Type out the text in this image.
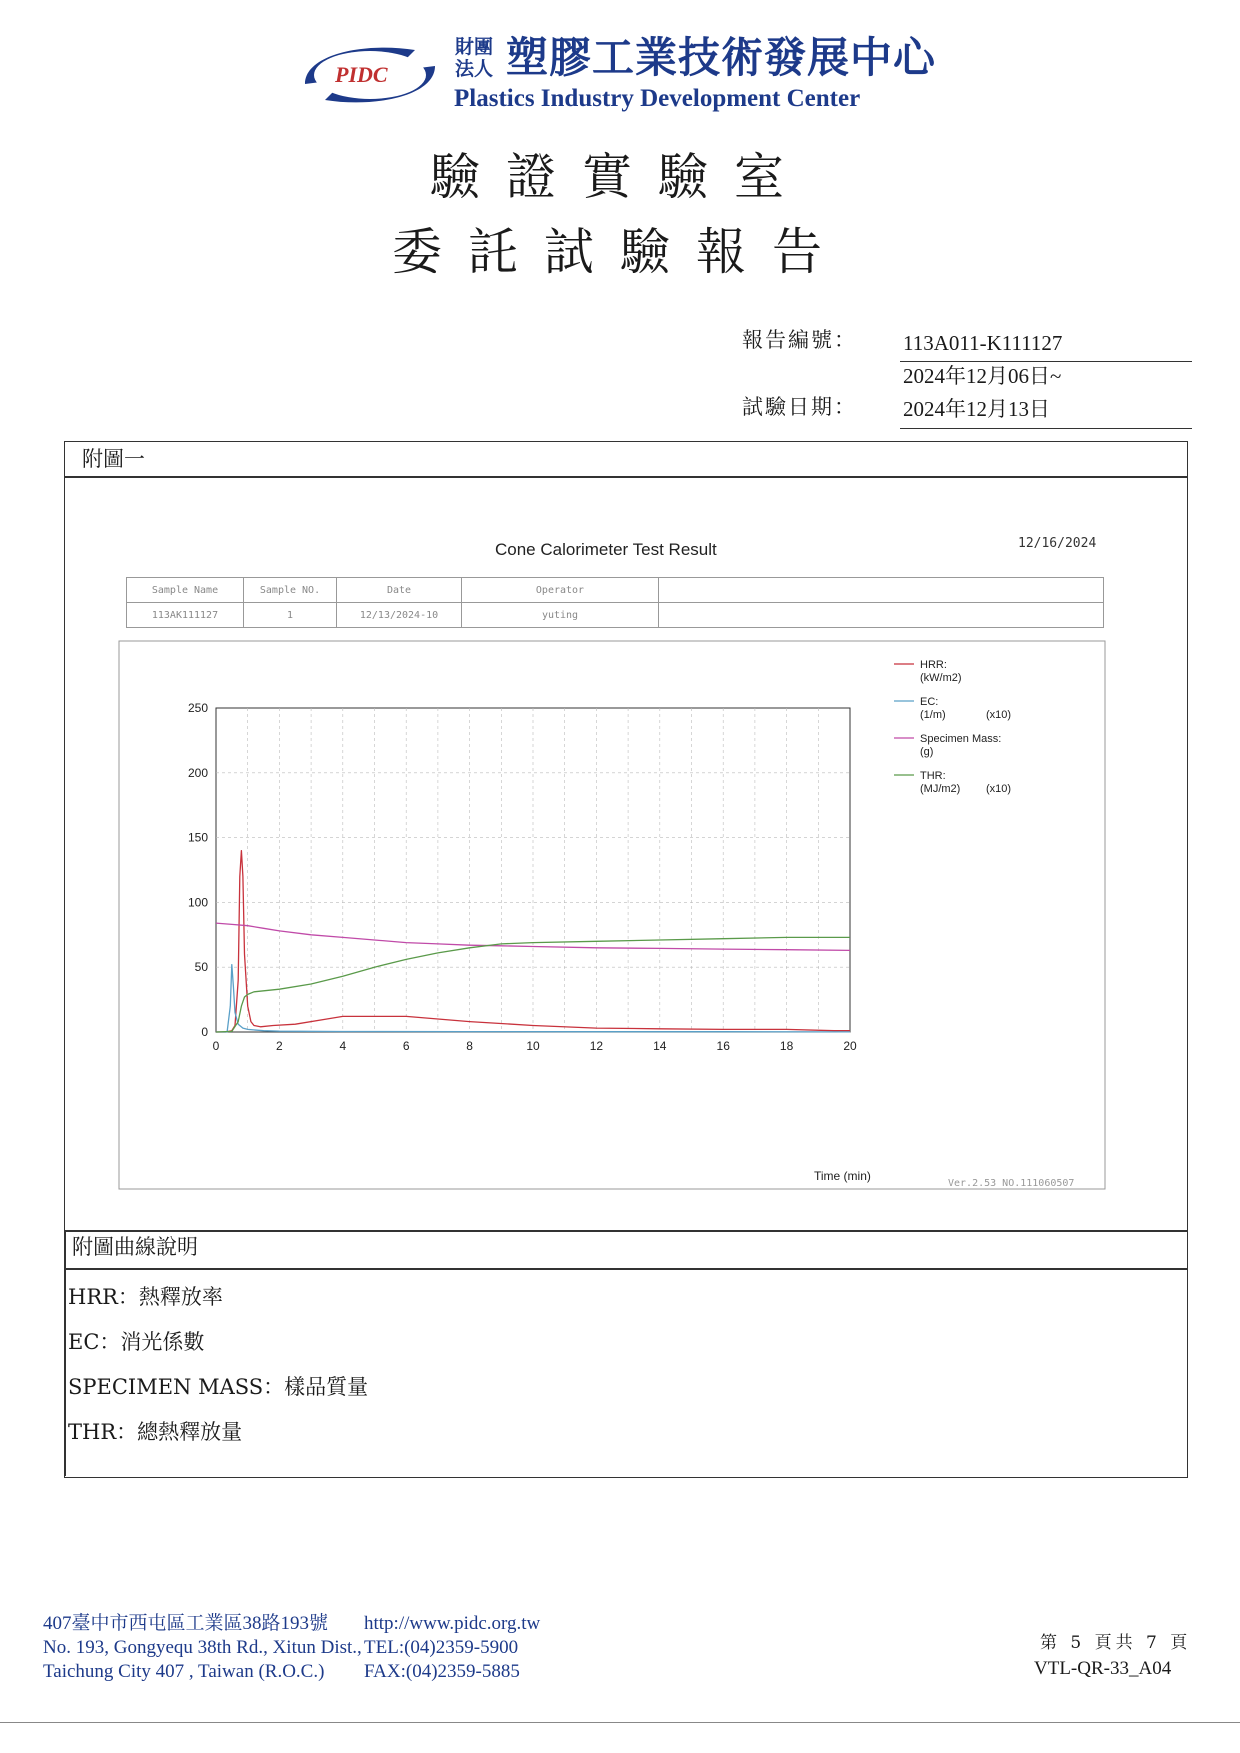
PIDC
財團
法人 塑膠工業技術發展中心
Plastics Industry Development Center
驗證實驗室
委託試驗報告
報告編號： 113A011-K111127
2024年12月06日~
試驗日期： 2024年12月13日
附圖一
Cone Calorimeter Test Result	12/16/2024
Sample Name	Sample NO.	Date	Operator	
113AK111127	1	12/13/2024-10	yuting	
0
50
100
150
200
250
0	2	4	6	8	10	12	14	16	18	20
HRR:
(kW/m2)
EC:
(1/m)	(x10)
Specimen Mass:
(g)
THR:
(MJ/m2) (x10)
Time (min)
Ver.2.53 NO.111060507
附圖曲線說明
HRR：熱釋放率
EC：消光係數
SPECIMEN MASS：樣品質量
THR：總熱釋放量
407臺中市西屯區工業區38路193號
No. 193, Gongyequ 38th Rd., Xitun Dist.,
Taichung City 407 , Taiwan (R.O.C.)
http://www.pidc.org.tw
TEL:(04)2359-5900
FAX:(04)2359-5885
第 5 頁共 7 頁
VTL-QR-33_A04
